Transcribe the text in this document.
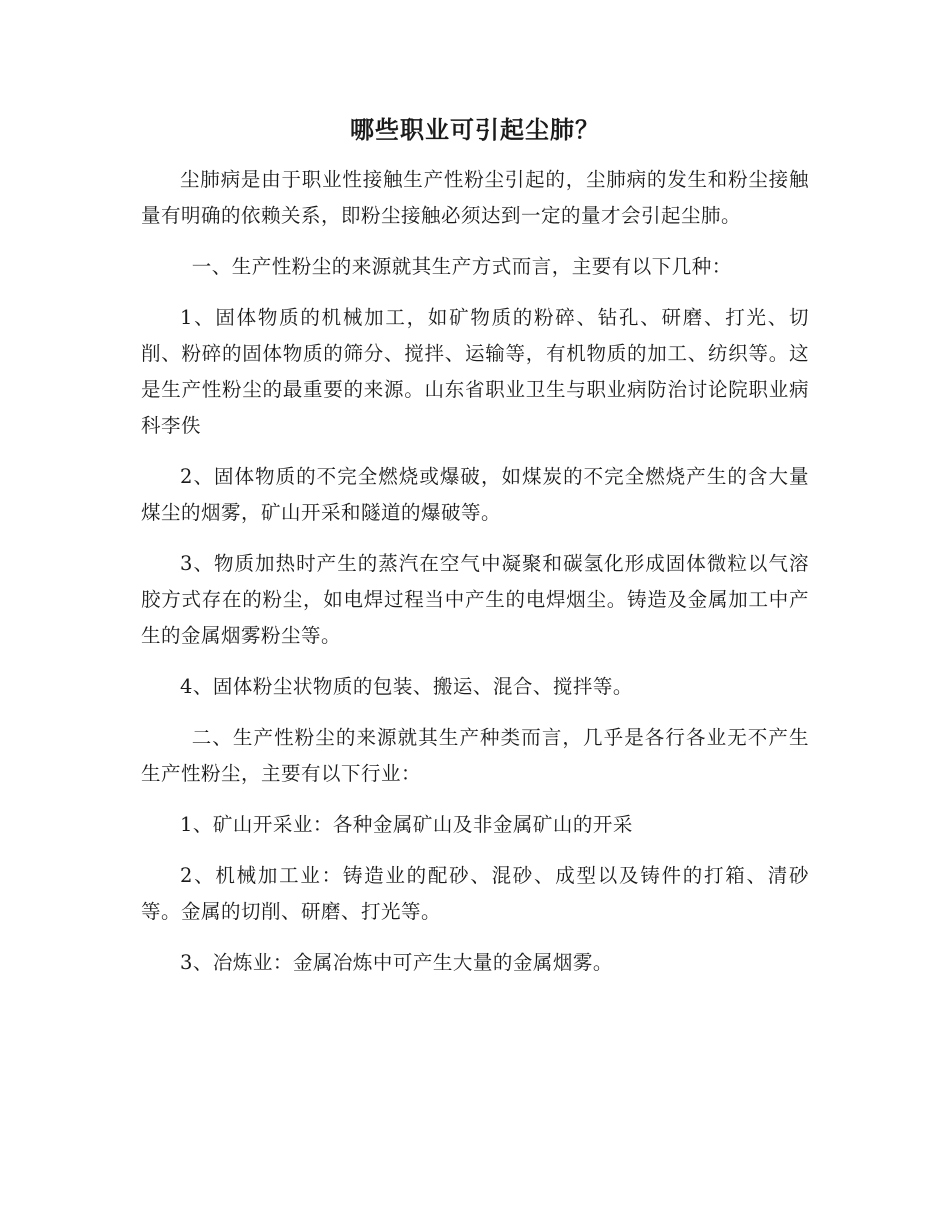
哪些职业可引起尘肺？

尘肺病是由于职业性接触生产性粉尘引起的，尘肺病的发生和粉尘接触量有明确的依赖关系，即粉尘接触必须达到一定的量才会引起尘肺。

一、生产性粉尘的来源就其生产方式而言，主要有以下几种：

1、固体物质的机械加工，如矿物质的粉碎、钻孔、研磨、打光、切削、粉碎的固体物质的筛分、搅拌、运输等，有机物质的加工、纺织等。这是生产性粉尘的最重要的来源。山东省职业卫生与职业病防治讨论院职业病科李佚

2、固体物质的不完全燃烧或爆破，如煤炭的不完全燃烧产生的含大量煤尘的烟雾，矿山开采和隧道的爆破等。

3、物质加热时产生的蒸汽在空气中凝聚和碳氢化形成固体微粒以气溶胶方式存在的粉尘，如电焊过程当中产生的电焊烟尘。铸造及金属加工中产生的金属烟雾粉尘等。

4、固体粉尘状物质的包装、搬运、混合、搅拌等。

二、生产性粉尘的来源就其生产种类而言，几乎是各行各业无不产生生产性粉尘，主要有以下行业：

1、矿山开采业：各种金属矿山及非金属矿山的开采

2、机械加工业：铸造业的配砂、混砂、成型以及铸件的打箱、清砂等。金属的切削、研磨、打光等。

3、冶炼业：金属冶炼中可产生大量的金属烟雾。
